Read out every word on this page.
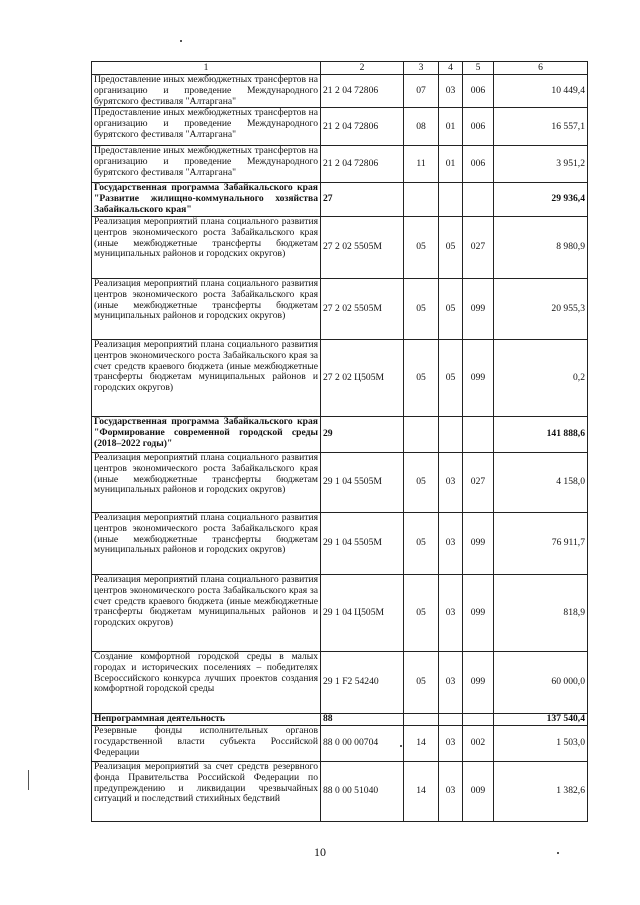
1	2	3	4	5	6
Предоставление иных межбюджетных трансфертов на организацию и проведение Международного бурятского фестиваля "Алтаргана"	21 2 04 72806	07	03	006	10 449,4
Предоставление иных межбюджетных трансфертов на организацию и проведение Международного бурятского фестиваля "Алтаргана"	21 2 04 72806	08	01	006	16 557,1
Предоставление иных межбюджетных трансфертов на организацию и проведение Международного бурятского фестиваля "Алтаргана"	21 2 04 72806	11	01	006	3 951,2
Государственная программа Забайкальского края "Развитие жилищно-коммунального хозяйства Забайкальского края"	27				29 936,4
Реализация мероприятий плана социального развития центров экономического роста Забайкальского края (иные межбюджетные трансферты бюджетам муниципальных районов и городских округов)	27 2 02 5505M	05	05	027	8 980,9
Реализация мероприятий плана социального развития центров экономического роста Забайкальского края (иные межбюджетные трансферты бюджетам муниципальных районов и городских округов)	27 2 02 5505M	05	05	099	20 955,3
Реализация мероприятий плана социального развития центров экономического роста Забайкальского края за счет средств краевого бюджета (иные межбюджетные трансферты бюджетам муниципальных районов и городских округов)	27 2 02 Ц505M	05	05	099	0,2
Государственная программа Забайкальского края "Формирование современной городской среды (2018–2022 годы)"	29				141 888,6
Реализация мероприятий плана социального развития центров экономического роста Забайкальского края (иные межбюджетные трансферты бюджетам муниципальных районов и городских округов)	29 1 04 5505M	05	03	027	4 158,0
Реализация мероприятий плана социального развития центров экономического роста Забайкальского края (иные межбюджетные трансферты бюджетам муниципальных районов и городских округов)	29 1 04 5505M	05	03	099	76 911,7
Реализация мероприятий плана социального развития центров экономического роста Забайкальского края за счет средств краевого бюджета (иные межбюджетные трансферты бюджетам муниципальных районов и городских округов)	29 1 04 Ц505M	05	03	099	818,9
Создание комфортной городской среды в малых городах и исторических поселениях – победителях Всероссийского конкурса лучших проектов создания комфортной городской среды	29 1 F2 54240	05	03	099	60 000,0
Непрограммная деятельность	88				137 540,4
Резервные фонды исполнительных органов государственной власти субъекта Российской Федерации	88 0 00 00704	14	03	002	1 503,0
Реализация мероприятий за счет средств резервного фонда Правительства Российской Федерации по предупреждению и ликвидации чрезвычайных ситуаций и последствий стихийных бедствий	88 0 00 51040	14	03	009	1 382,6
10
